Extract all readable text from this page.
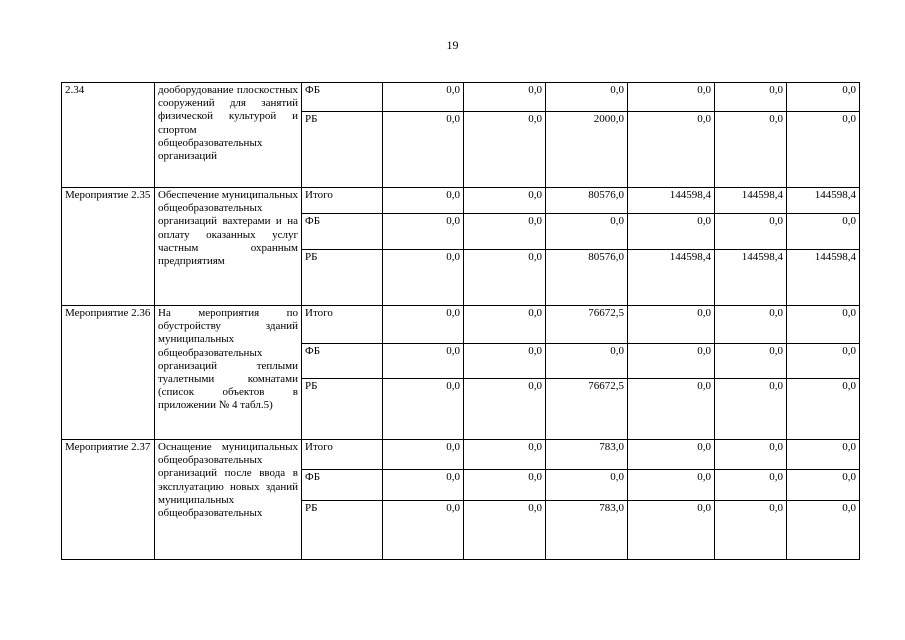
19
2.34	дооборудование плоскостных сооружений для занятий физической культурой и спортом общеобразовательных организаций	ФБ	0,0	0,0	0,0	0,0	0,0	0,0
		РБ	0,0	0,0	2000,0	0,0	0,0	0,0
Мероприятие 2.35	Обеспечение муниципальных общеобразовательных организаций вахтерами и на оплату оказанных услуг частным охранным предприятиям	Итого	0,0	0,0	80576,0	144598,4	144598,4	144598,4
		ФБ	0,0	0,0	0,0	0,0	0,0	0,0
		РБ	0,0	0,0	80576,0	144598,4	144598,4	144598,4
Мероприятие 2.36	На мероприятия по обустройству зданий муниципальных общеобразовательных организаций теплыми туалетными комнатами (список объектов в приложении № 4 табл.5)	Итого	0,0	0,0	76672,5	0,0	0,0	0,0
		ФБ	0,0	0,0	0,0	0,0	0,0	0,0
		РБ	0,0	0,0	76672,5	0,0	0,0	0,0
Мероприятие 2.37	Оснащение муниципальных общеобразовательных организаций после ввода в эксплуатацию новых зданий муниципальных общеобразовательных	Итого	0,0	0,0	783,0	0,0	0,0	0,0
		ФБ	0,0	0,0	0,0	0,0	0,0	0,0
		РБ	0,0	0,0	783,0	0,0	0,0	0,0
